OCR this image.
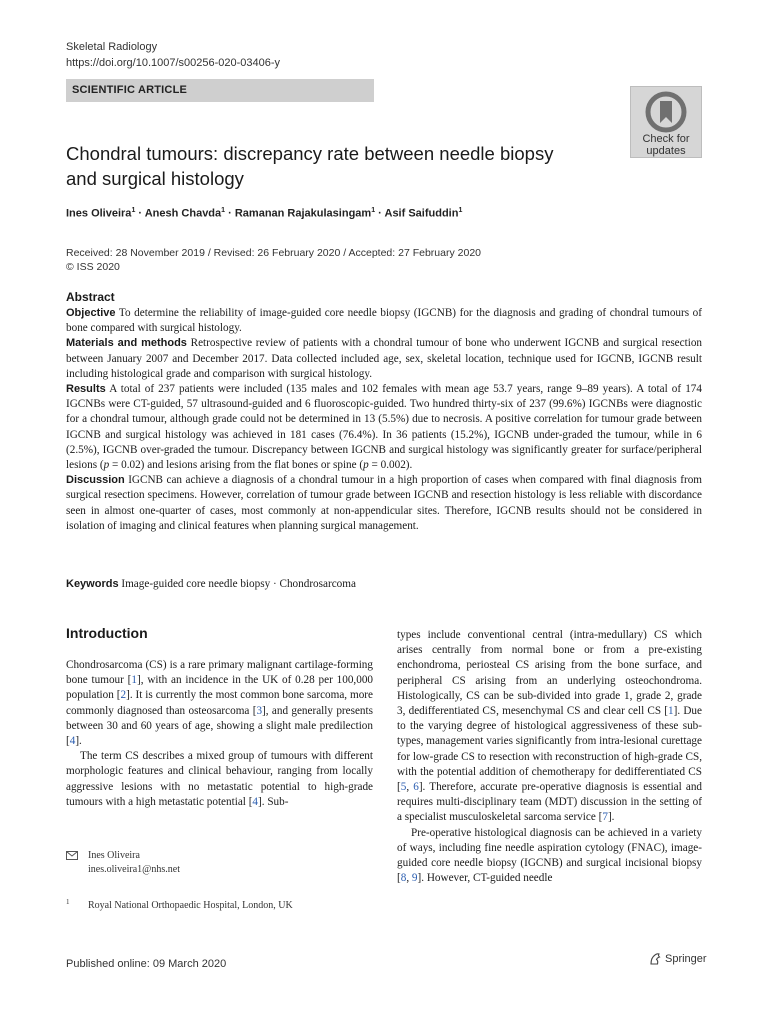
Skeletal Radiology
https://doi.org/10.1007/s00256-020-03406-y
SCIENTIFIC ARTICLE
Check for
updates
Chondral tumours: discrepancy rate between needle biopsy
and surgical histology
Ines Oliveira$^1$ · Anesh Chavda$^1$ · Ramanan Rajakulasingam$^1$ · Asif Saifuddin$^1$
Received: 28 November 2019 / Revised: 26 February 2020 / Accepted: 27 February 2020
© ISS 2020
Abstract
Objective To determine the reliability of image-guided core needle biopsy (IGCNB) for the diagnosis and grading of chondral tumours of bone compared with surgical histology.
Materials and methods Retrospective review of patients with a chondral tumour of bone who underwent IGCNB and surgical resection between January 2007 and December 2017. Data collected included age, sex, skeletal location, technique used for IGCNB, IGCNB result including histological grade and comparison with surgical histology.
Results A total of 237 patients were included (135 males and 102 females with mean age 53.7 years, range 9–89 years). A total of 174 IGCNBs were CT-guided, 57 ultrasound-guided and 6 fluoroscopic-guided. Two hundred thirty-six of 237 (99.6%) IGCNBs were diagnostic for a chondral tumour, although grade could not be determined in 13 (5.5%) due to necrosis. A positive correlation for tumour grade between IGCNB and surgical histology was achieved in 181 cases (76.4%). In 36 patients (15.2%), IGCNB under-graded the tumour, while in 6 (2.5%), IGCNB over-graded the tumour. Discrepancy between IGCNB and surgical histology was significantly greater for surface/peripheral lesions (p = 0.02) and lesions arising from the flat bones or spine (p = 0.002).
Discussion IGCNB can achieve a diagnosis of a chondral tumour in a high proportion of cases when compared with final diagnosis from surgical resection specimens. However, correlation of tumour grade between IGCNB and resection histology is less reliable with discordance seen in almost one-quarter of cases, most commonly at non-appendicular sites. Therefore, IGCNB results should not be considered in isolation of imaging and clinical features when planning surgical management.
Keywords Image-guided core needle biopsy · Chondrosarcoma
Introduction

Chondrosarcoma (CS) is a rare primary malignant cartilage-forming bone tumour [1], with an incidence in the UK of 0.28 per 100,000 population [2]. It is currently the most common bone sarcoma, more commonly diagnosed than osteosarcoma [3], and generally presents between 30 and 60 years of age, showing a slight male predilection [4].

The term CS describes a mixed group of tumours with different morphologic features and clinical behaviour, ranging from locally aggressive lesions with no metastatic potential to high-grade tumours with a high metastatic potential [4]. Sub-

types include conventional central (intra-medullary) CS which arises centrally from normal bone or from a pre-existing enchondroma, periosteal CS arising from the bone surface, and peripheral CS arising from an underlying osteochondroma. Histologically, CS can be sub-divided into grade 1, grade 2, grade 3, dedifferentiated CS, mesenchymal CS and clear cell CS [1]. Due to the varying degree of histological aggressiveness of these sub-types, management varies significantly from intra-lesional curettage for low-grade CS to resection with reconstruction of high-grade CS, with the potential addition of chemotherapy for dedifferentiated CS [5, 6]. Therefore, accurate pre-operative diagnosis is essential and requires multi-disciplinary team (MDT) discussion in the setting of a specialist musculoskeletal sarcoma service [7].

Pre-operative histological diagnosis can be achieved in a variety of ways, including fine needle aspiration cytology (FNAC), image-guided core needle biopsy (IGCNB) and surgical incisional biopsy [8, 9]. However, CT-guided needle

Ines Oliveira
ines.oliveira1@nhs.net
1 Royal National Orthopaedic Hospital, London, UK
Published online: 09 March 2020	Springer
